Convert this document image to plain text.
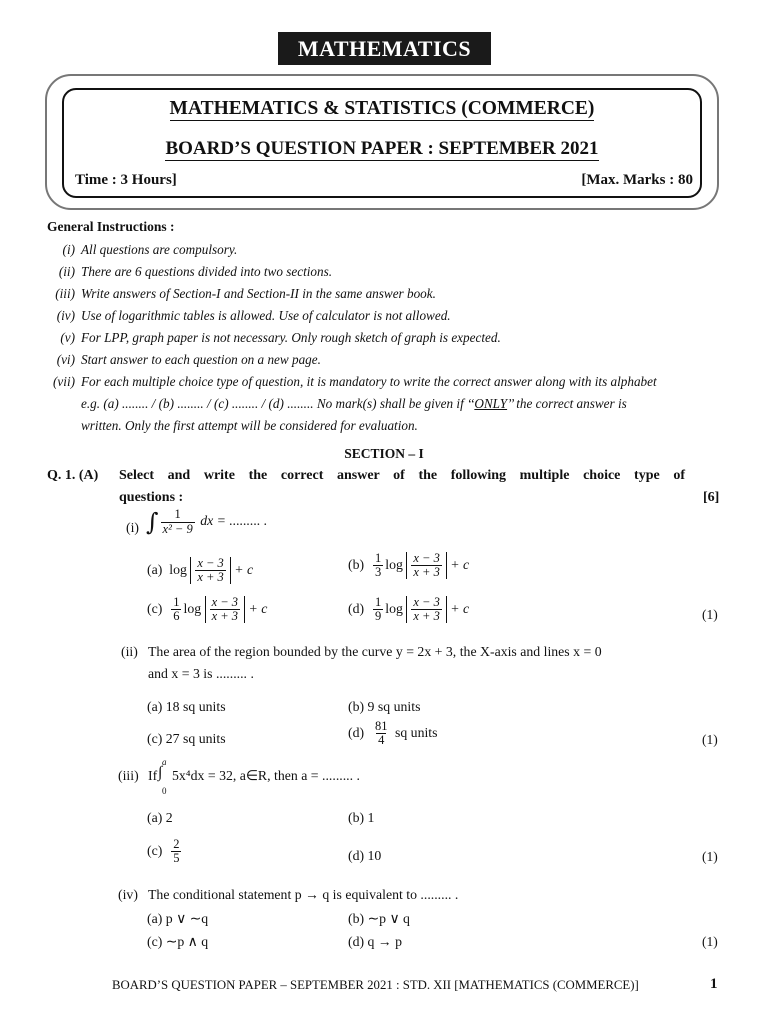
MATHEMATICS
MATHEMATICS & STATISTICS (COMMERCE)
BOARD’S QUESTION PAPER : SEPTEMBER 2021
Time : 3 Hours]	[Max. Marks : 80
General Instructions :
(i) All questions are compulsory.
(ii) There are 6 questions divided into two sections.
(iii) Write answers of Section-I and Section-II in the same answer book.
(iv) Use of logarithmic tables is allowed. Use of calculator is not allowed.
(v) For LPP, graph paper is not necessary. Only rough sketch of graph is expected.
(vi) Start answer to each question on a new page.
(vii) For each multiple choice type of question, it is mandatory to write the correct answer along with its alphabet
e.g. (a) ........ / (b) ........ / (c) ........ / (d) ........ No mark(s) shall be given if ‘‘ONLY’’ the correct answer is
written. Only the first attempt will be considered for evaluation.
SECTION – I
Q. 1. (A) Select and write the correct answer of the following multiple choice type of
questions :	[6]
(i) ∫ $\frac{1}{\text{x² − 9}}$ dx = ......... .
(a) $\log \frac{x - 3}{x + 3} + c$	$(b) \frac{1}{3}$ $\log \frac{x - 3}{x + 3} + c$
$(c) \frac{1}{6}$ $\log \frac{x - 3}{x + 3} + c$	$(d) \frac{1}{9}$ $\log \frac{x - 3}{x + 3} + c$	(1)
(ii) The area of the region bounded by the curve y = 2x + 3, the X-axis and lines x = 0
and x = 3 is ......... .
(a) 18 sq units	(b) 9 sq units
(c) 27 sq units	$(d) \frac{81}{4}$ sq units	(1)
(iii) If
a
∫
0
5x⁴dx = 32, a∈R, then a = ......... .
(a) 2	(b) 1
$(c) \frac{2}{5}$	(d) 10	(1)
(iv) The conditional statement p → q is equivalent to ......... .
(a) p ∨ ∼q	(b) ∼p ∨ q
(c) ∼p ∧ q	(d) q → p	(1)
BOARD’S QUESTION PAPER – SEPTEMBER 2021 : STD. XII [MATHEMATICS (COMMERCE)]	1
